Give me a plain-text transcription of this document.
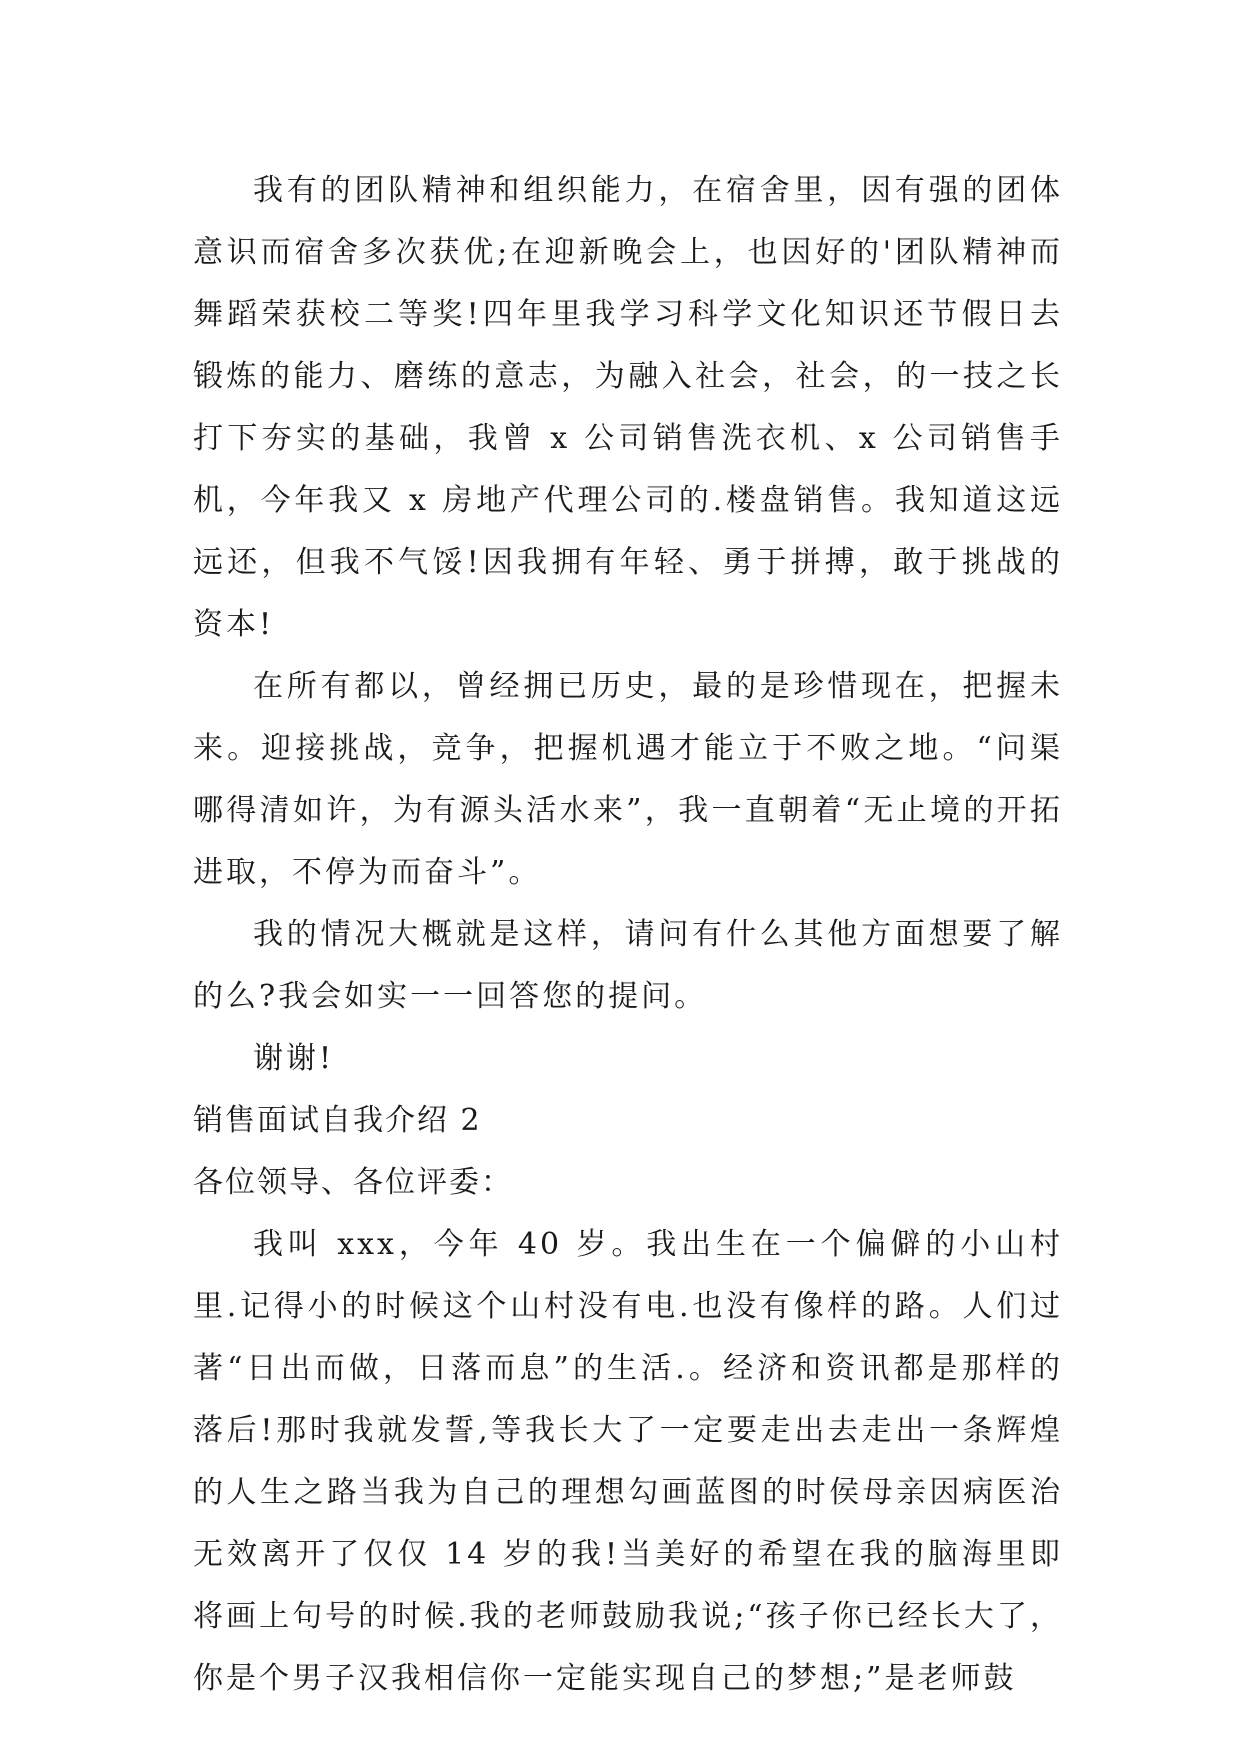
我有的团队精神和组织能力，在宿舍里，因有强的团体意识而宿舍多次获优;在迎新晚会上，也因好的'团队精神而舞蹈荣获校二等奖!四年里我学习科学文化知识还节假日去锻炼的能力、磨练的意志，为融入社会，社会，的一技之长打下夯实的基础，我曾 x 公司销售洗衣机、x 公司销售手机，今年我又 x 房地产代理公司的.楼盘销售。我知道这远远还，但我不气馁!因我拥有年轻、勇于拼搏，敢于挑战的资本!

在所有都以，曾经拥已历史，最的是珍惜现在，把握未来。迎接挑战，竞争，把握机遇才能立于不败之地。“问渠哪得清如许，为有源头活水来”，我一直朝着“无止境的开拓进取，不停为而奋斗”。

我的情况大概就是这样，请问有什么其他方面想要了解的么?我会如实一一回答您的提问。

谢谢!

销售面试自我介绍 2

各位领导、各位评委：

我叫 xxx，今年 40 岁。我出生在一个偏僻的小山村里.记得小的时候这个山村没有电.也没有像样的路。人们过著“日出而做，日落而息”的生活.。经济和资讯都是那样的落后!那时我就发誓,等我长大了一定要走出去走出一条辉煌的人生之路当我为自己的理想勾画蓝图的时侯母亲因病医治无效离开了仅仅 14 岁的我!当美好的希望在我的脑海里即将画上句号的时候.我的老师鼓励我说;“孩子你已经长大了，你是个男子汉我相信你一定能实现自己的梦想;”是老师鼓
